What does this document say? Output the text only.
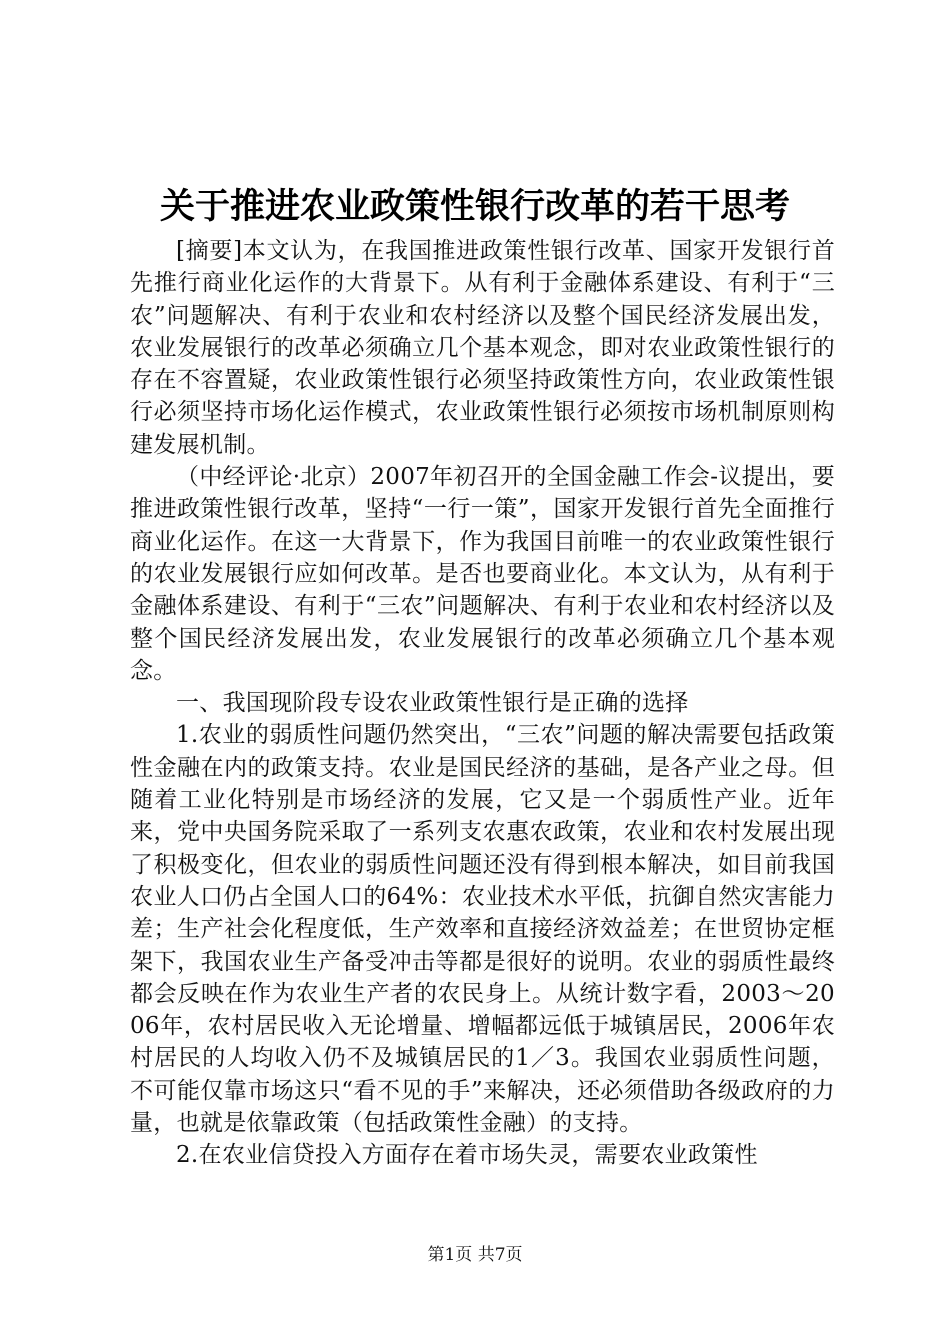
关于推进农业政策性银行改革的若干思考

[摘要]本文认为，在我国推进政策性银行改革、国家开发银行首先推行商业化运作的大背景下。从有利于金融体系建设、有利于“三农”问题解决、有利于农业和农村经济以及整个国民经济发展出发，农业发展银行的改革必须确立几个基本观念，即对农业政策性银行的存在不容置疑，农业政策性银行必须坚持政策性方向，农业政策性银行必须坚持市场化运作模式，农业政策性银行必须按市场机制原则构建发展机制。

（中经评论·北京）2007年初召开的全国金融工作会-议提出，要推进政策性银行改革，坚持“一行一策”，国家开发银行首先全面推行商业化运作。在这一大背景下，作为我国目前唯一的农业政策性银行的农业发展银行应如何改革。是否也要商业化。本文认为，从有利于金融体系建设、有利于“三农”问题解决、有利于农业和农村经济以及整个国民经济发展出发，农业发展银行的改革必须确立几个基本观念。

一、我国现阶段专设农业政策性银行是正确的选择

1.农业的弱质性问题仍然突出，“三农”问题的解决需要包括政策性金融在内的政策支持。农业是国民经济的基础，是各产业之母。但随着工业化特别是市场经济的发展，它又是一个弱质性产业。近年来，党中央国务院采取了一系列支农惠农政策，农业和农村发展出现了积极变化，但农业的弱质性问题还没有得到根本解决，如目前我国农业人口仍占全国人口的64%：农业技术水平低，抗御自然灾害能力差；生产社会化程度低，生产效率和直接经济效益差；在世贸协定框架下，我国农业生产备受冲击等都是很好的说明。农业的弱质性最终都会反映在作为农业生产者的农民身上。从统计数字看，2003～2006年，农村居民收入无论增量、增幅都远低于城镇居民，2006年农村居民的人均收入仍不及城镇居民的1／3。我国农业弱质性问题，不可能仅靠市场这只“看不见的手”来解决，还必须借助各级政府的力量，也就是依靠政策（包括政策性金融）的支持。

2.在农业信贷投入方面存在着市场失灵，需要农业政策性

第1页 共7页
